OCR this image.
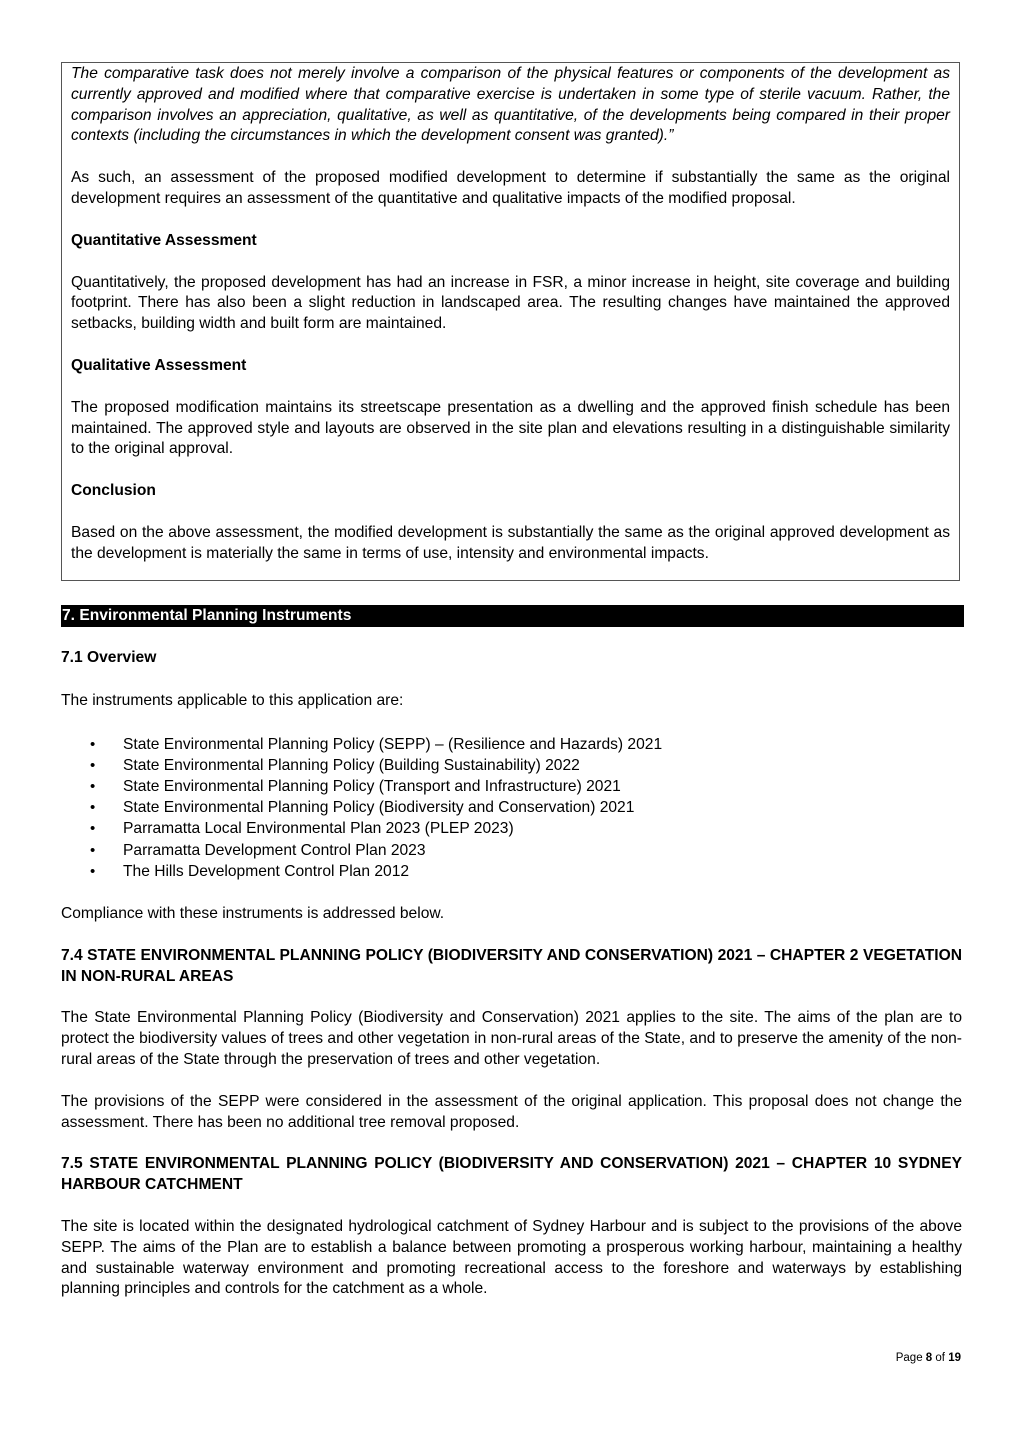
The comparative task does not merely involve a comparison of the physical features or components of the development as currently approved and modified where that comparative exercise is undertaken in some type of sterile vacuum. Rather, the comparison involves an appreciation, qualitative, as well as quantitative, of the developments being compared in their proper contexts (including the circumstances in which the development consent was granted).”

As such, an assessment of the proposed modified development to determine if substantially the same as the original development requires an assessment of the quantitative and qualitative impacts of the modified proposal.

Quantitative Assessment

Quantitatively, the proposed development has had an increase in FSR, a minor increase in height, site coverage and building footprint. There has also been a slight reduction in landscaped area. The resulting changes have maintained the approved setbacks, building width and built form are maintained.

Qualitative Assessment

The proposed modification maintains its streetscape presentation as a dwelling and the approved finish schedule has been maintained. The approved style and layouts are observed in the site plan and elevations resulting in a distinguishable similarity to the original approval.

Conclusion

Based on the above assessment, the modified development is substantially the same as the original approved development as the development is materially the same in terms of use, intensity and environmental impacts.

7. Environmental Planning Instruments

7.1 Overview

The instruments applicable to this application are:

• State Environmental Planning Policy (SEPP) – (Resilience and Hazards) 2021
• State Environmental Planning Policy (Building Sustainability) 2022
• State Environmental Planning Policy (Transport and Infrastructure) 2021
• State Environmental Planning Policy (Biodiversity and Conservation) 2021
• Parramatta Local Environmental Plan 2023 (PLEP 2023)
• Parramatta Development Control Plan 2023
• The Hills Development Control Plan 2012

Compliance with these instruments is addressed below.

7.4 STATE ENVIRONMENTAL PLANNING POLICY (BIODIVERSITY AND CONSERVATION) 2021 – CHAPTER 2 VEGETATION IN NON-RURAL AREAS

The State Environmental Planning Policy (Biodiversity and Conservation) 2021 applies to the site. The aims of the plan are to protect the biodiversity values of trees and other vegetation in non-rural areas of the State, and to preserve the amenity of the non-rural areas of the State through the preservation of trees and other vegetation.

The provisions of the SEPP were considered in the assessment of the original application. This proposal does not change the assessment. There has been no additional tree removal proposed.

7.5 STATE ENVIRONMENTAL PLANNING POLICY (BIODIVERSITY AND CONSERVATION) 2021 – CHAPTER 10 SYDNEY HARBOUR CATCHMENT

The site is located within the designated hydrological catchment of Sydney Harbour and is subject to the provisions of the above SEPP. The aims of the Plan are to establish a balance between promoting a prosperous working harbour, maintaining a healthy and sustainable waterway environment and promoting recreational access to the foreshore and waterways by establishing planning principles and controls for the catchment as a whole.

Page 8 of 19
